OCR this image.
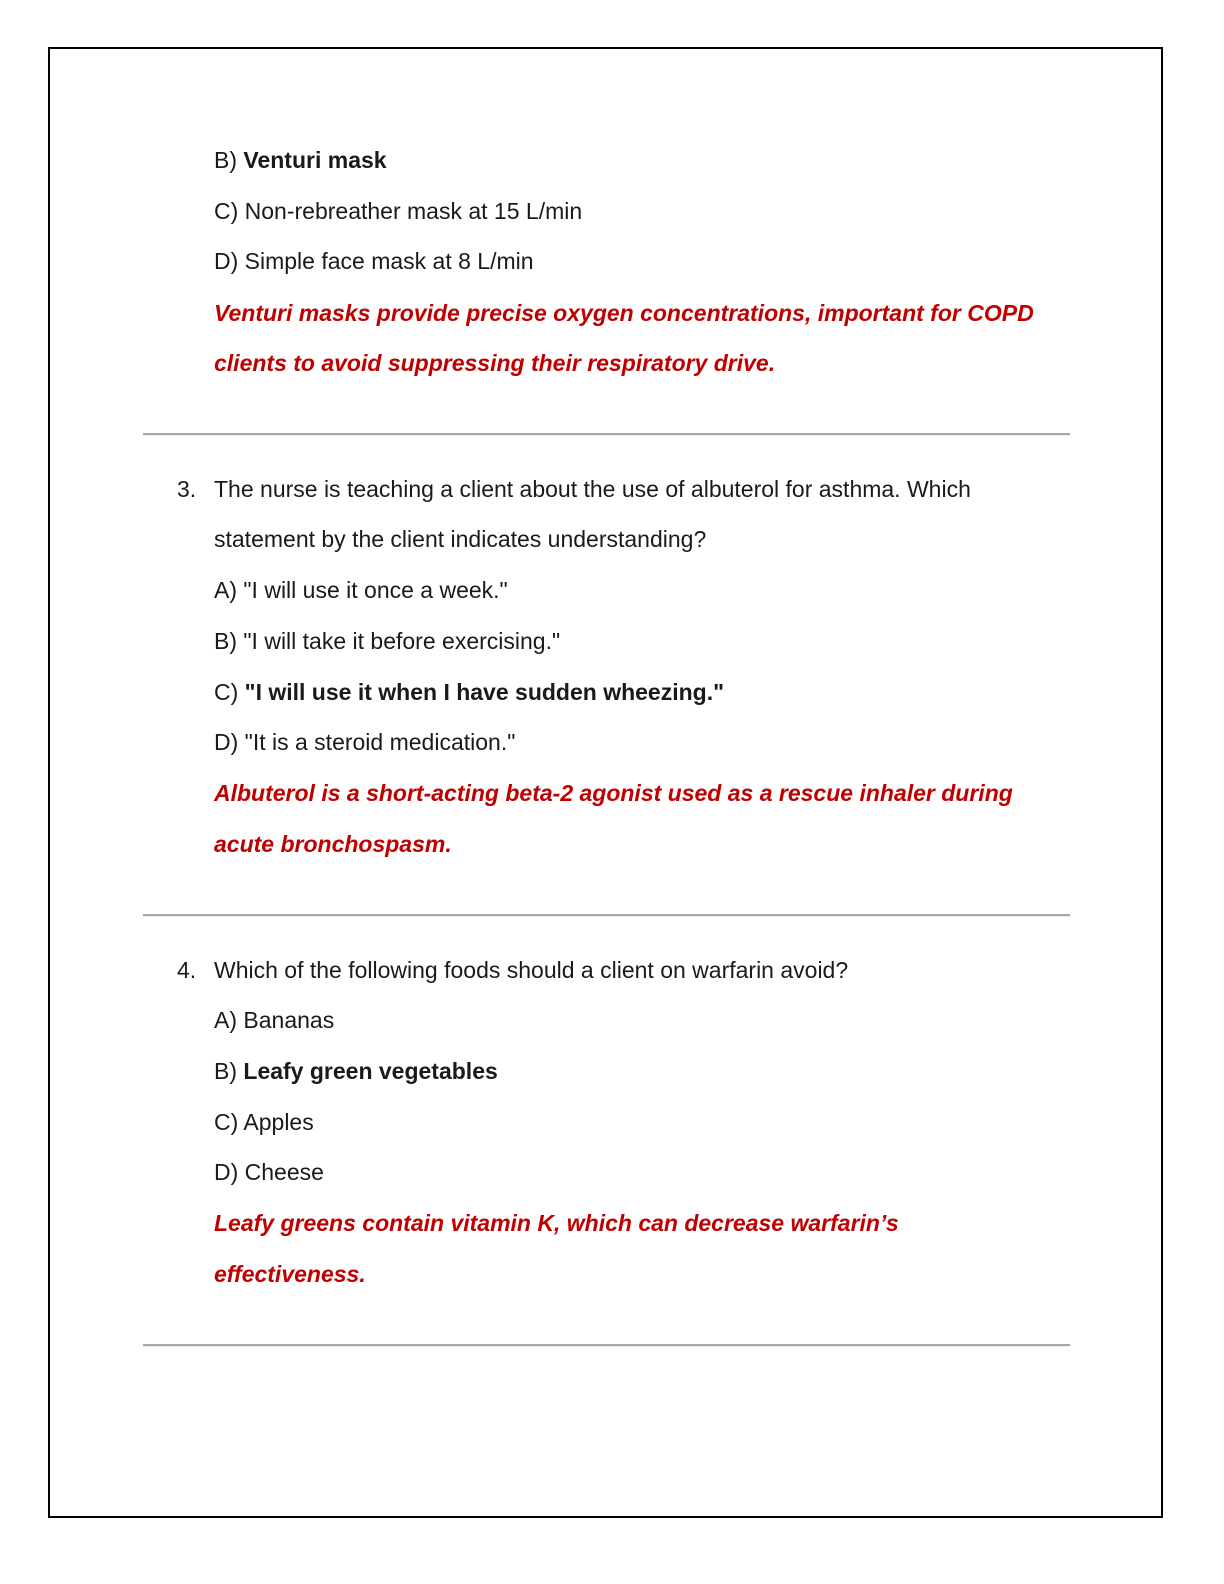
B) Venturi mask
C) Non-rebreather mask at 15 L/min
D) Simple face mask at 8 L/min
Venturi masks provide precise oxygen concentrations, important for COPD
clients to avoid suppressing their respiratory drive.
3. The nurse is teaching a client about the use of albuterol for asthma. Which
statement by the client indicates understanding?
A) "I will use it once a week."
B) "I will take it before exercising."
C) "I will use it when I have sudden wheezing."
D) "It is a steroid medication."
Albuterol is a short-acting beta-2 agonist used as a rescue inhaler during
acute bronchospasm.
4. Which of the following foods should a client on warfarin avoid?
A) Bananas
B) Leafy green vegetables
C) Apples
D) Cheese
Leafy greens contain vitamin K, which can decrease warfarin’s
effectiveness.
